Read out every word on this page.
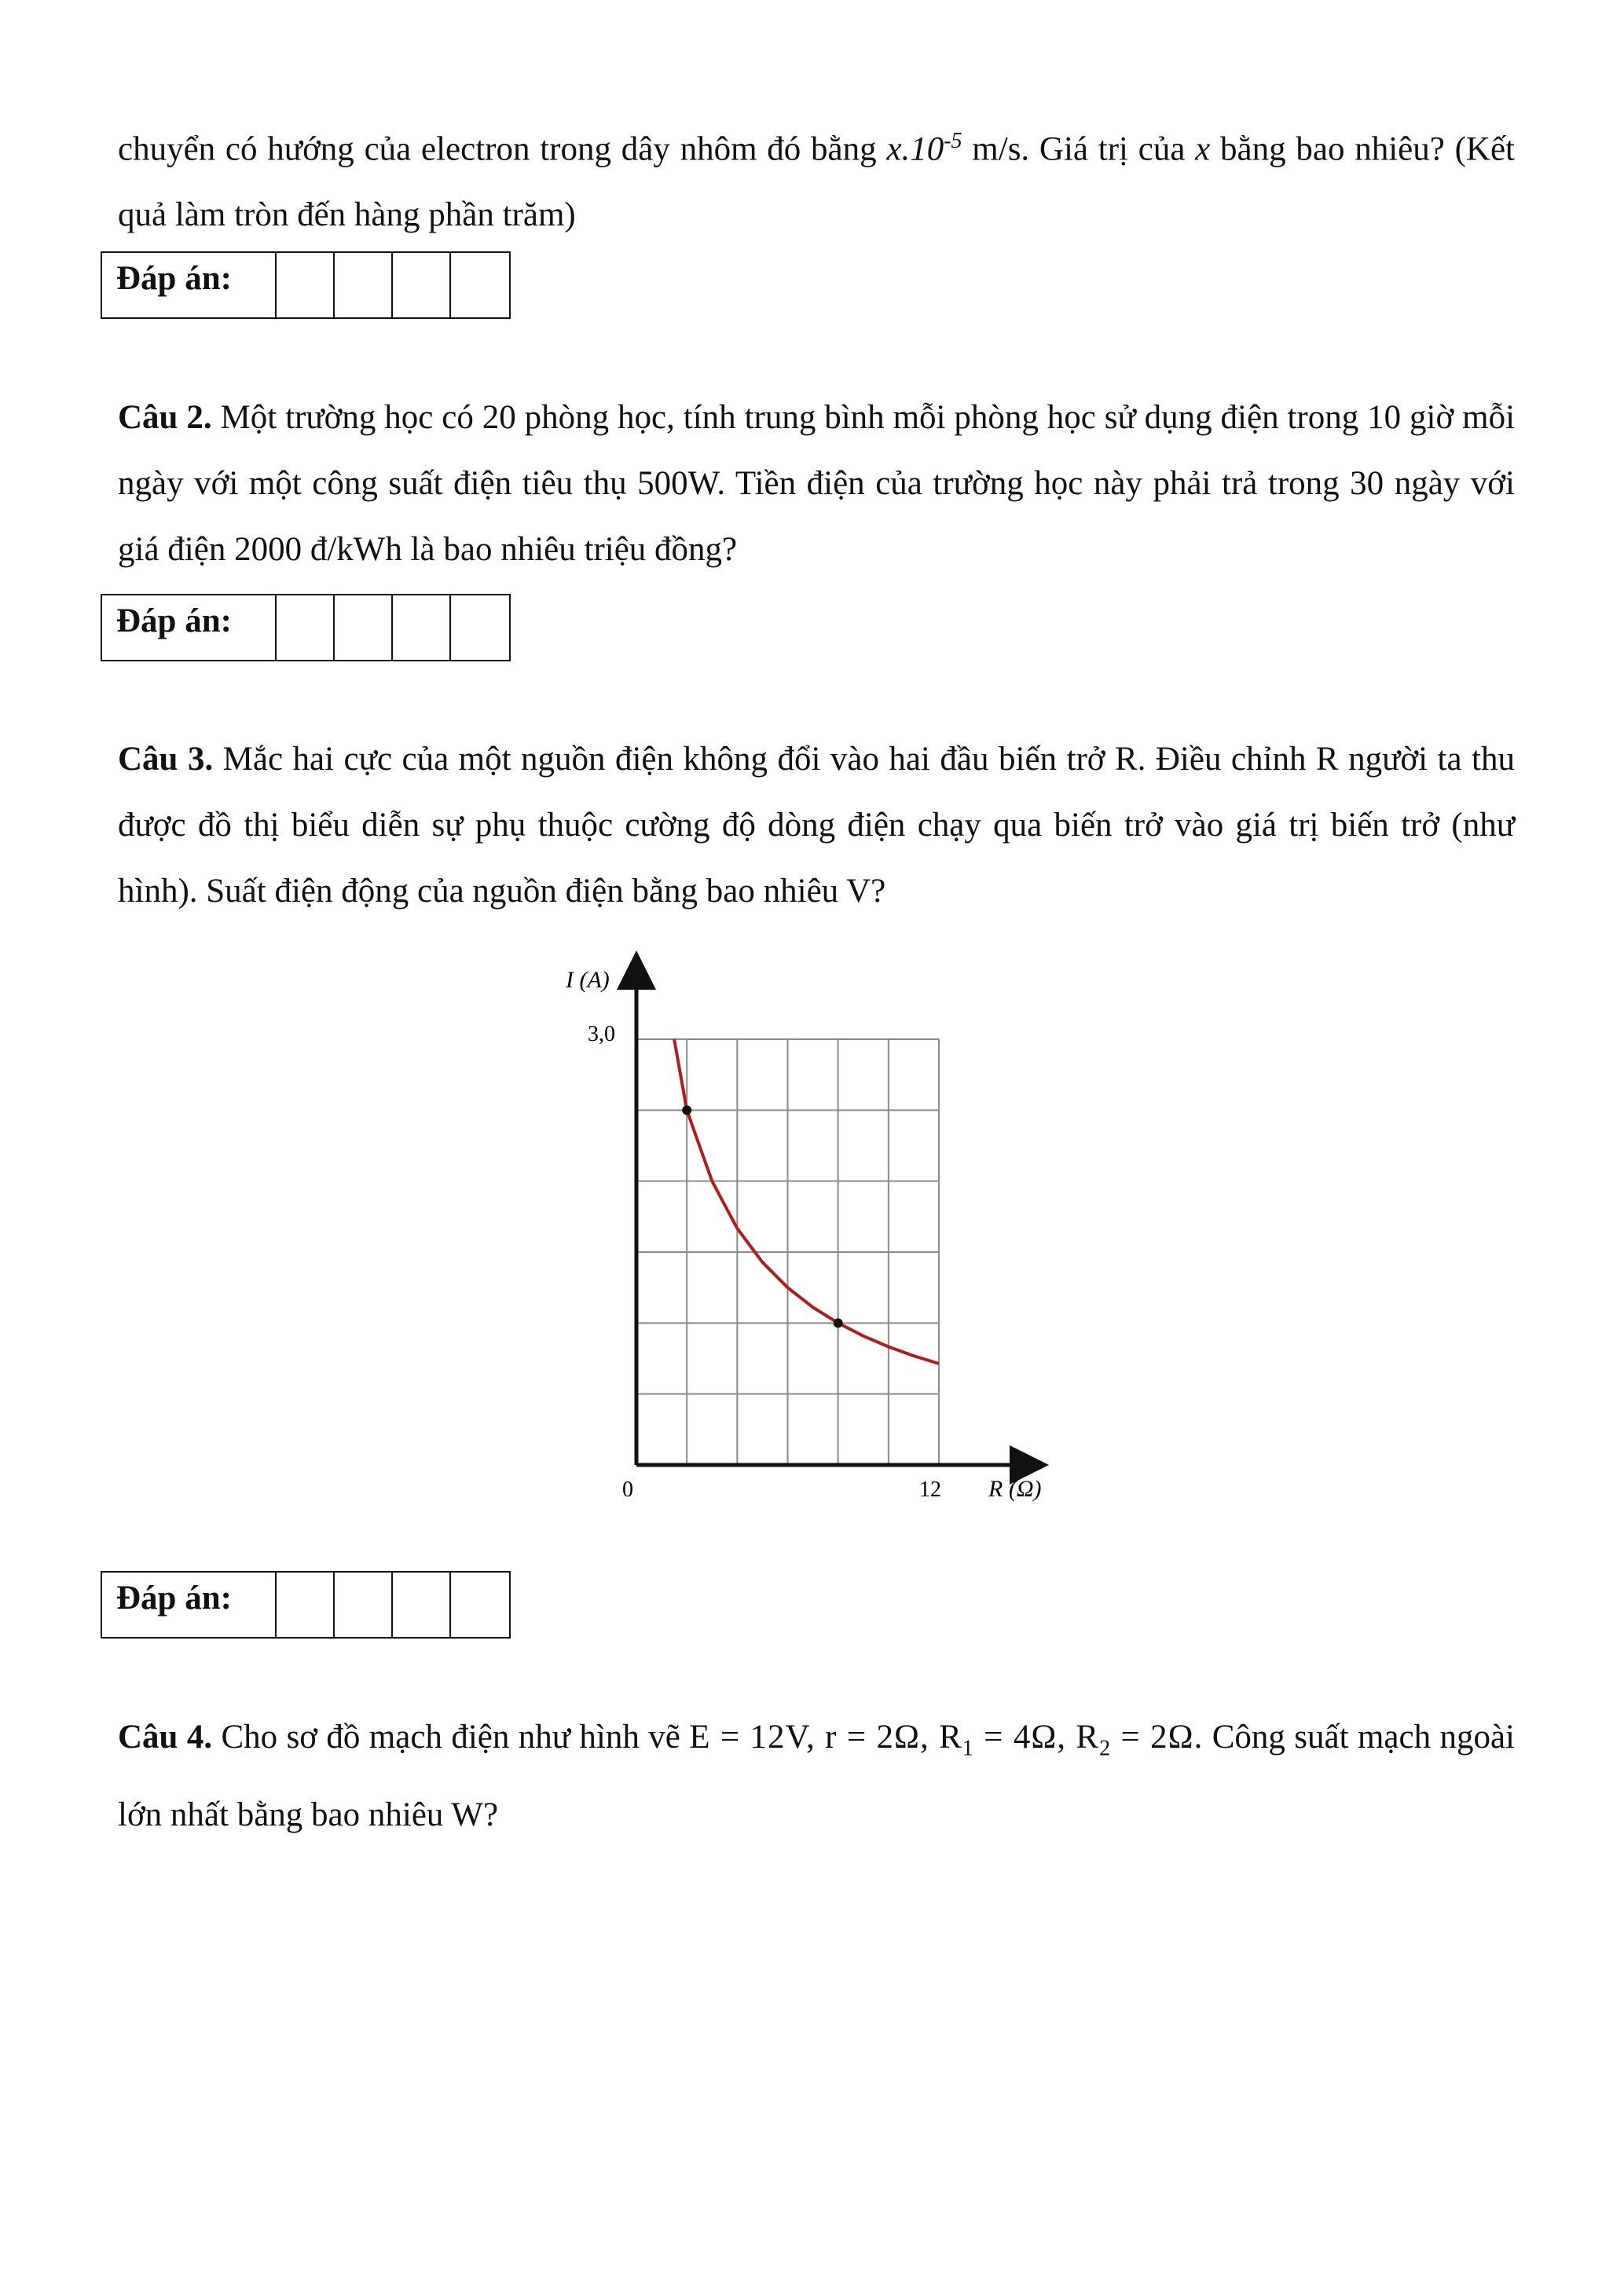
chuyển có hướng của electron trong dây nhôm đó bằng $x.10^{-5}$ m/s. Giá trị của x bằng bao nhiêu? (Kết quả làm tròn đến hàng phần trăm)

Đáp án:

Câu 2. Một trường học có 20 phòng học, tính trung bình mỗi phòng học sử dụng điện trong 10 giờ mỗi ngày với một công suất điện tiêu thụ 500W. Tiền điện của trường học này phải trả trong 30 ngày với giá điện 2000 đ/kWh là bao nhiêu triệu đồng?

Đáp án:

Câu 3. Mắc hai cực của một nguồn điện không đổi vào hai đầu biến trở R. Điều chỉnh R người ta thu được đồ thị biểu diễn sự phụ thuộc cường độ dòng điện chạy qua biến trở vào giá trị biến trở (như hình). Suất điện động của nguồn điện bằng bao nhiêu V?

I (A)
3,0
0	12 R (Ω)
Đáp án:

Câu 4. Cho sơ đồ mạch điện như hình vẽ E = 12V, r = 2Ω, $R_1 = 4\Omega$, $R_2 = 2\Omega$. Công suất mạch ngoài lớn nhất bằng bao nhiêu W?
